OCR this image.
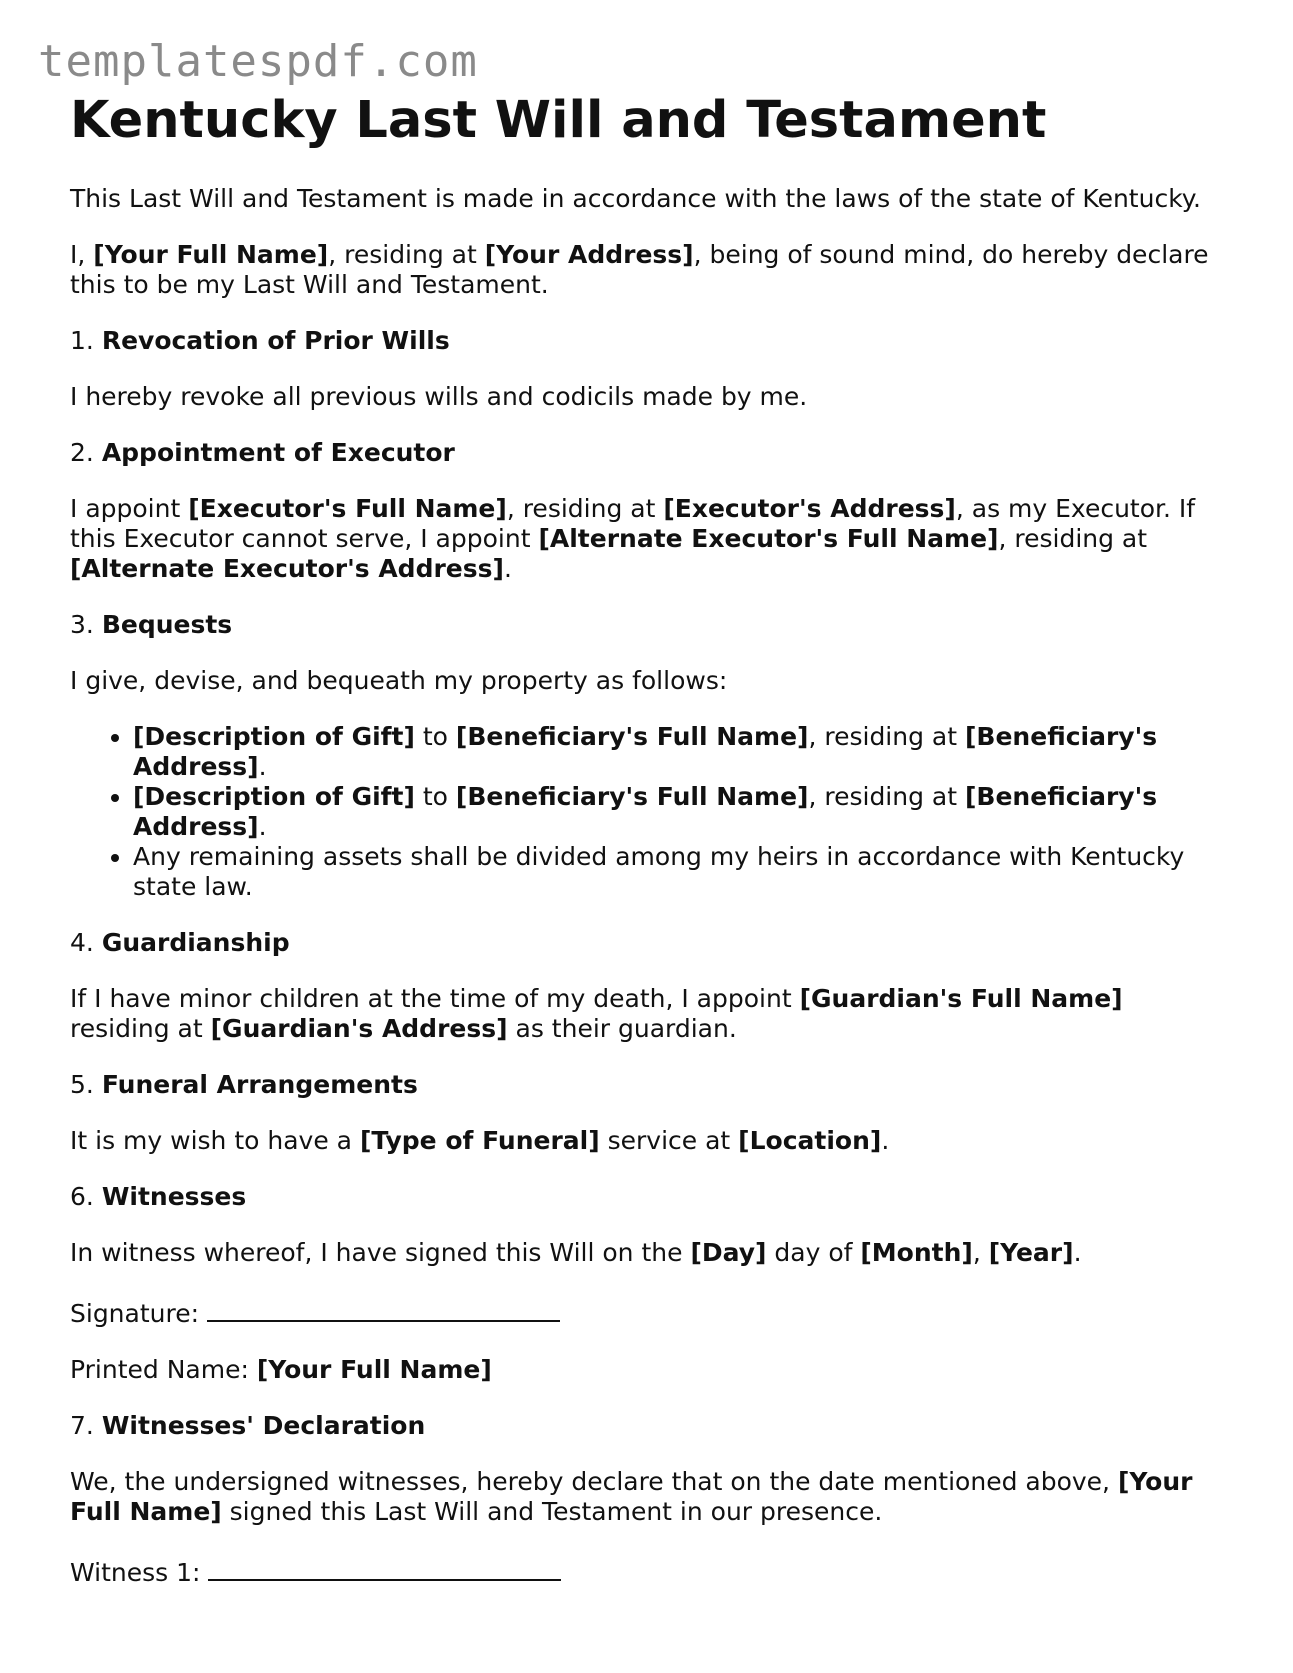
templatespdf.com
Kentucky Last Will and Testament

This Last Will and Testament is made in accordance with the laws of the state of Kentucky.

I, [Your Full Name], residing at [Your Address], being of sound mind, do hereby declare this to be my Last Will and Testament.

1. Revocation of Prior Wills

I hereby revoke all previous wills and codicils made by me.

2. Appointment of Executor

I appoint [Executor's Full Name], residing at [Executor's Address], as my Executor. If this Executor cannot serve, I appoint [Alternate Executor's Full Name], residing at [Alternate Executor's Address].

3. Bequests

I give, devise, and bequeath my property as follows:

• [Description of Gift] to [Beneficiary's Full Name], residing at [Beneficiary's Address].
• [Description of Gift] to [Beneficiary's Full Name], residing at [Beneficiary's Address].
• Any remaining assets shall be divided among my heirs in accordance with Kentucky state law.

4. Guardianship

If I have minor children at the time of my death, I appoint [Guardian's Full Name] residing at [Guardian's Address] as their guardian.

5. Funeral Arrangements

It is my wish to have a [Type of Funeral] service at [Location].

6. Witnesses

In witness whereof, I have signed this Will on the [Day] day of [Month], [Year].

Signature:

Printed Name: [Your Full Name]

7. Witnesses' Declaration

We, the undersigned witnesses, hereby declare that on the date mentioned above, [Your Full Name] signed this Last Will and Testament in our presence.

Witness 1:
